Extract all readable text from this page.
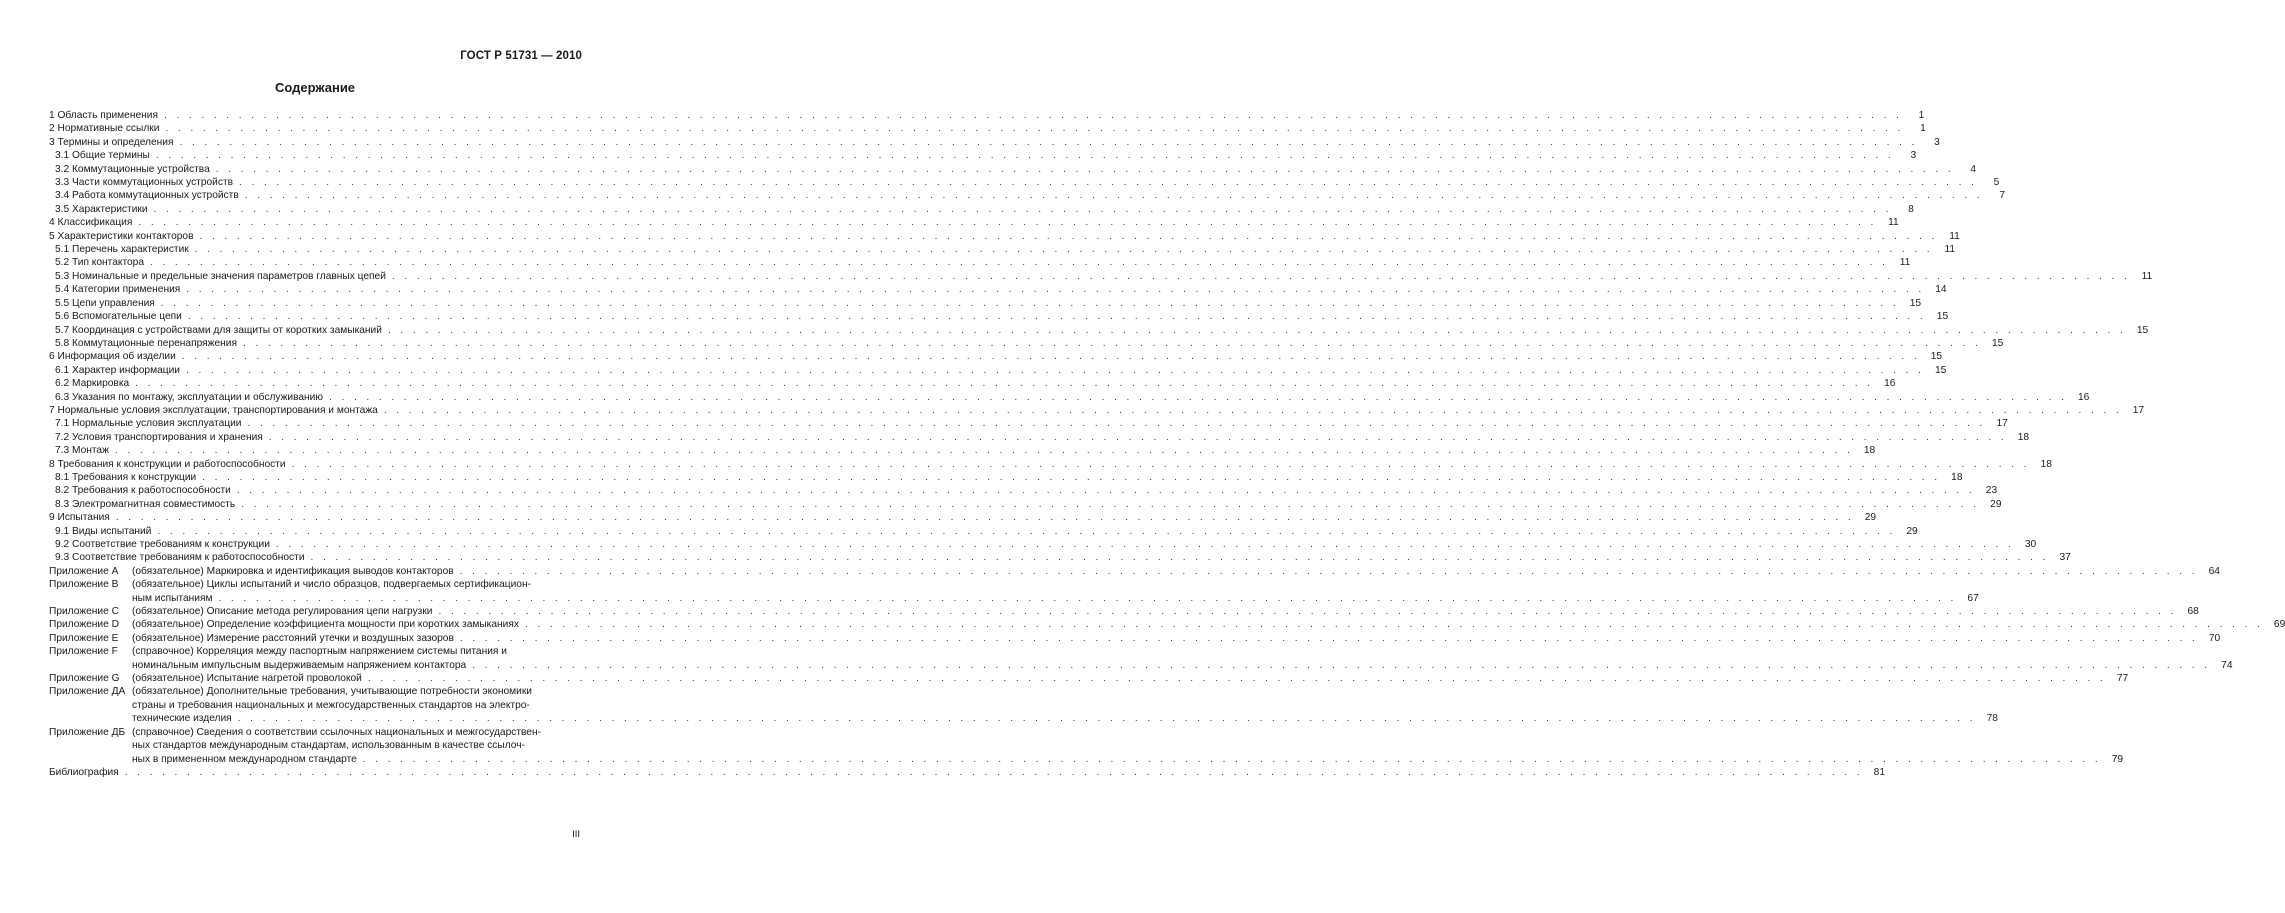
ГОСТ Р 51731 — 2010
Содержание
1 Область применения . . . . . . . . . . . . . . . . . . . . . . . . . . . . . . . . . . . . . . . . . . . . . . . . . . . . . . . . . . . . . . . . . . . . . . . . . . . . . . . . . . . . . . . . . . . . . . . . . . . . . . . . . . . . . . . . . . . . . . . . . . . . . . . . . . . . . . . . . . . .	1
2 Нормативные ссылки . . . . . . . . . . . . . . . . . . . . . . . . . . . . . . . . . . . . . . . . . . . . . . . . . . . . . . . . . . . . . . . . . . . . . . . . . . . . . . . . . . . . . . . . . . . . . . . . . . . . . . . . . . . . . . . . . . . . . . . . . . . . . . . . . . . . . . . . . . . .	1
3 Термины и определения . . . . . . . . . . . . . . . . . . . . . . . . . . . . . . . . . . . . . . . . . . . . . . . . . . . . . . . . . . . . . . . . . . . . . . . . . . . . . . . . . . . . . . . . . . . . . . . . . . . . . . . . . . . . . . . . . . . . . . . . . . . . . . . . . . . . . . . . . . . .	3
3.1 Общие термины . . . . . . . . . . . . . . . . . . . . . . . . . . . . . . . . . . . . . . . . . . . . . . . . . . . . . . . . . . . . . . . . . . . . . . . . . . . . . . . . . . . . . . . . . . . . . . . . . . . . . . . . . . . . . . . . . . . . . . . . . . . . . . . . . . . . . . . . . . . .	3
3.2 Коммутационные устройства . . . . . . . . . . . . . . . . . . . . . . . . . . . . . . . . . . . . . . . . . . . . . . . . . . . . . . . . . . . . . . . . . . . . . . . . . . . . . . . . . . . . . . . . . . . . . . . . . . . . . . . . . . . . . . . . . . . . . . . . . . . . . . . . . . . . . . . . . . . .	4
3.3 Части коммутационных устройств . . . . . . . . . . . . . . . . . . . . . . . . . . . . . . . . . . . . . . . . . . . . . . . . . . . . . . . . . . . . . . . . . . . . . . . . . . . . . . . . . . . . . . . . . . . . . . . . . . . . . . . . . . . . . . . . . . . . . . . . . . . . . . . . . . . . . . . . . . . .	5
3.4 Работа коммутационных устройств . . . . . . . . . . . . . . . . . . . . . . . . . . . . . . . . . . . . . . . . . . . . . . . . . . . . . . . . . . . . . . . . . . . . . . . . . . . . . . . . . . . . . . . . . . . . . . . . . . . . . . . . . . . . . . . . . . . . . . . . . . . . . . . . . . . . . . . . . . . .	7
3.5 Характеристики . . . . . . . . . . . . . . . . . . . . . . . . . . . . . . . . . . . . . . . . . . . . . . . . . . . . . . . . . . . . . . . . . . . . . . . . . . . . . . . . . . . . . . . . . . . . . . . . . . . . . . . . . . . . . . . . . . . . . . . . . . . . . . . . . . . . . . . . . . . .	8
4 Классификация . . . . . . . . . . . . . . . . . . . . . . . . . . . . . . . . . . . . . . . . . . . . . . . . . . . . . . . . . . . . . . . . . . . . . . . . . . . . . . . . . . . . . . . . . . . . . . . . . . . . . . . . . . . . . . . . . . . . . . . . . . . . . . . . . . . . . . . . . . . .	11
5 Характеристики контакторов . . . . . . . . . . . . . . . . . . . . . . . . . . . . . . . . . . . . . . . . . . . . . . . . . . . . . . . . . . . . . . . . . . . . . . . . . . . . . . . . . . . . . . . . . . . . . . . . . . . . . . . . . . . . . . . . . . . . . . . . . . . . . . . . . . . . . . . . . . . .	11
5.1 Перечень характеристик . . . . . . . . . . . . . . . . . . . . . . . . . . . . . . . . . . . . . . . . . . . . . . . . . . . . . . . . . . . . . . . . . . . . . . . . . . . . . . . . . . . . . . . . . . . . . . . . . . . . . . . . . . . . . . . . . . . . . . . . . . . . . . . . . . . . . . . . . . . .	11
5.2 Тип контактора . . . . . . . . . . . . . . . . . . . . . . . . . . . . . . . . . . . . . . . . . . . . . . . . . . . . . . . . . . . . . . . . . . . . . . . . . . . . . . . . . . . . . . . . . . . . . . . . . . . . . . . . . . . . . . . . . . . . . . . . . . . . . . . . . . . . . . . . . . . .	11
5.3 Номинальные и предельные значения параметров главных цепей . . . . . . . . . . . . . . . . . . . . . . . . . . . . . . . . . . . . . . . . . . . . . . . . . . . . . . . . . . . . . . . . . . . . . . . . . . . . . . . . . . . . . . . . . . . . . . . . . . . . . . . . . . . . . . . . . . . . . . . . . . . . . . . . . . . . . . . . . . . .	11
5.4 Категории применения . . . . . . . . . . . . . . . . . . . . . . . . . . . . . . . . . . . . . . . . . . . . . . . . . . . . . . . . . . . . . . . . . . . . . . . . . . . . . . . . . . . . . . . . . . . . . . . . . . . . . . . . . . . . . . . . . . . . . . . . . . . . . . . . . . . . . . . . . . . .	14
5.5 Цепи управления . . . . . . . . . . . . . . . . . . . . . . . . . . . . . . . . . . . . . . . . . . . . . . . . . . . . . . . . . . . . . . . . . . . . . . . . . . . . . . . . . . . . . . . . . . . . . . . . . . . . . . . . . . . . . . . . . . . . . . . . . . . . . . . . . . . . . . . . . . . .	15
5.6 Вспомогательные цепи . . . . . . . . . . . . . . . . . . . . . . . . . . . . . . . . . . . . . . . . . . . . . . . . . . . . . . . . . . . . . . . . . . . . . . . . . . . . . . . . . . . . . . . . . . . . . . . . . . . . . . . . . . . . . . . . . . . . . . . . . . . . . . . . . . . . . . . . . . . .	15
5.7 Координация с устройствами для защиты от коротких замыканий . . . . . . . . . . . . . . . . . . . . . . . . . . . . . . . . . . . . . . . . . . . . . . . . . . . . . . . . . . . . . . . . . . . . . . . . . . . . . . . . . . . . . . . . . . . . . . . . . . . . . . . . . . . . . . . . . . . . . . . . . . . . . . . . . . . . . . . . . . . .	15
5.8 Коммутационные перенапряжения . . . . . . . . . . . . . . . . . . . . . . . . . . . . . . . . . . . . . . . . . . . . . . . . . . . . . . . . . . . . . . . . . . . . . . . . . . . . . . . . . . . . . . . . . . . . . . . . . . . . . . . . . . . . . . . . . . . . . . . . . . . . . . . . . . . . . . . . . . . .	15
6 Информация об изделии . . . . . . . . . . . . . . . . . . . . . . . . . . . . . . . . . . . . . . . . . . . . . . . . . . . . . . . . . . . . . . . . . . . . . . . . . . . . . . . . . . . . . . . . . . . . . . . . . . . . . . . . . . . . . . . . . . . . . . . . . . . . . . . . . . . . . . . . . . . .	15
6.1 Характер информации . . . . . . . . . . . . . . . . . . . . . . . . . . . . . . . . . . . . . . . . . . . . . . . . . . . . . . . . . . . . . . . . . . . . . . . . . . . . . . . . . . . . . . . . . . . . . . . . . . . . . . . . . . . . . . . . . . . . . . . . . . . . . . . . . . . . . . . . . . . .	15
6.2 Маркировка . . . . . . . . . . . . . . . . . . . . . . . . . . . . . . . . . . . . . . . . . . . . . . . . . . . . . . . . . . . . . . . . . . . . . . . . . . . . . . . . . . . . . . . . . . . . . . . . . . . . . . . . . . . . . . . . . . . . . . . . . . . . . . . . . . . . . . . . . . . .	16
6.3 Указания по монтажу, эксплуатации и обслуживанию . . . . . . . . . . . . . . . . . . . . . . . . . . . . . . . . . . . . . . . . . . . . . . . . . . . . . . . . . . . . . . . . . . . . . . . . . . . . . . . . . . . . . . . . . . . . . . . . . . . . . . . . . . . . . . . . . . . . . . . . . . . . . . . . . . . . . . . . . . . .	16
7 Нормальные условия эксплуатации, транспортирования и монтажа . . . . . . . . . . . . . . . . . . . . . . . . . . . . . . . . . . . . . . . . . . . . . . . . . . . . . . . . . . . . . . . . . . . . . . . . . . . . . . . . . . . . . . . . . . . . . . . . . . . . . . . . . . . . . . . . . . . . . . . . . . . . . . . . . . . . . . . . . . . .	17
7.1 Нормальные условия эксплуатации . . . . . . . . . . . . . . . . . . . . . . . . . . . . . . . . . . . . . . . . . . . . . . . . . . . . . . . . . . . . . . . . . . . . . . . . . . . . . . . . . . . . . . . . . . . . . . . . . . . . . . . . . . . . . . . . . . . . . . . . . . . . . . . . . . . . . . . . . . . .	17
7.2 Условия транспортирования и хранения . . . . . . . . . . . . . . . . . . . . . . . . . . . . . . . . . . . . . . . . . . . . . . . . . . . . . . . . . . . . . . . . . . . . . . . . . . . . . . . . . . . . . . . . . . . . . . . . . . . . . . . . . . . . . . . . . . . . . . . . . . . . . . . . . . . . . . . . . . . .	18
7.3 Монтаж . . . . . . . . . . . . . . . . . . . . . . . . . . . . . . . . . . . . . . . . . . . . . . . . . . . . . . . . . . . . . . . . . . . . . . . . . . . . . . . . . . . . . . . . . . . . . . . . . . . . . . . . . . . . . . . . . . . . . . . . . . . . . . . . . . . . . . . . . . . .	18
8 Требования к конструкции и работоспособности . . . . . . . . . . . . . . . . . . . . . . . . . . . . . . . . . . . . . . . . . . . . . . . . . . . . . . . . . . . . . . . . . . . . . . . . . . . . . . . . . . . . . . . . . . . . . . . . . . . . . . . . . . . . . . . . . . . . . . . . . . . . . . . . . . . . . . . . . . . .	18
8.1 Требования к конструкции . . . . . . . . . . . . . . . . . . . . . . . . . . . . . . . . . . . . . . . . . . . . . . . . . . . . . . . . . . . . . . . . . . . . . . . . . . . . . . . . . . . . . . . . . . . . . . . . . . . . . . . . . . . . . . . . . . . . . . . . . . . . . . . . . . . . . . . . . . . .	18
8.2 Требования к работоспособности . . . . . . . . . . . . . . . . . . . . . . . . . . . . . . . . . . . . . . . . . . . . . . . . . . . . . . . . . . . . . . . . . . . . . . . . . . . . . . . . . . . . . . . . . . . . . . . . . . . . . . . . . . . . . . . . . . . . . . . . . . . . . . . . . . . . . . . . . . . .	23
8.3 Электромагнитная совместимость . . . . . . . . . . . . . . . . . . . . . . . . . . . . . . . . . . . . . . . . . . . . . . . . . . . . . . . . . . . . . . . . . . . . . . . . . . . . . . . . . . . . . . . . . . . . . . . . . . . . . . . . . . . . . . . . . . . . . . . . . . . . . . . . . . . . . . . . . . . .	29
9 Испытания . . . . . . . . . . . . . . . . . . . . . . . . . . . . . . . . . . . . . . . . . . . . . . . . . . . . . . . . . . . . . . . . . . . . . . . . . . . . . . . . . . . . . . . . . . . . . . . . . . . . . . . . . . . . . . . . . . . . . . . . . . . . . . . . . . . . . . . . . . . .	29
9.1 Виды испытаний . . . . . . . . . . . . . . . . . . . . . . . . . . . . . . . . . . . . . . . . . . . . . . . . . . . . . . . . . . . . . . . . . . . . . . . . . . . . . . . . . . . . . . . . . . . . . . . . . . . . . . . . . . . . . . . . . . . . . . . . . . . . . . . . . . . . . . . . . . . .	29
9.2 Соответствие требованиям к конструкции . . . . . . . . . . . . . . . . . . . . . . . . . . . . . . . . . . . . . . . . . . . . . . . . . . . . . . . . . . . . . . . . . . . . . . . . . . . . . . . . . . . . . . . . . . . . . . . . . . . . . . . . . . . . . . . . . . . . . . . . . . . . . . . . . . . . . . . . . . . .	30
9.3 Соответствие требованиям к работоспособности . . . . . . . . . . . . . . . . . . . . . . . . . . . . . . . . . . . . . . . . . . . . . . . . . . . . . . . . . . . . . . . . . . . . . . . . . . . . . . . . . . . . . . . . . . . . . . . . . . . . . . . . . . . . . . . . . . . . . . . . . . . . . . . . . . . . . . . . . . . .	37
Приложение А	(обязательное) Маркировка и идентификация выводов контакторов . . . . . . . . . . . . . . . . . . . . . . . . . . . . . . . . . . . . . . . . . . . . . . . . . . . . . . . . . . . . . . . . . . . . . . . . . . . . . . . . . . . . . . . . . . . . . . . . . . . . . . . . . . . . . . . . . . . . . . . . . . . . . . . . . . . . . . . . . . . .	64
Приложение В	(обязательное) Циклы испытаний и число образцов, подвергаемых сертификацион-
ным испытаниям . . . . . . . . . . . . . . . . . . . . . . . . . . . . . . . . . . . . . . . . . . . . . . . . . . . . . . . . . . . . . . . . . . . . . . . . . . . . . . . . . . . . . . . . . . . . . . . . . . . . . . . . . . . . . . . . . . . . . . . . . . . . . . . . . . . . . . . . . . . .	67
Приложение С	(обязательное) Описание метода регулирования цепи нагрузки . . . . . . . . . . . . . . . . . . . . . . . . . . . . . . . . . . . . . . . . . . . . . . . . . . . . . . . . . . . . . . . . . . . . . . . . . . . . . . . . . . . . . . . . . . . . . . . . . . . . . . . . . . . . . . . . . . . . . . . . . . . . . . . . . . . . . . . . . . . .	68
Приложение D	(обязательное) Определение коэффициента мощности при коротких замыканиях . . . . . . . . . . . . . . . . . . . . . . . . . . . . . . . . . . . . . . . . . . . . . . . . . . . . . . . . . . . . . . . . . . . . . . . . . . . . . . . . . . . . . . . . . . . . . . . . . . . . . . . . . . . . . . . . . . . . . . . . . . . . . . . . . . . . . . . . . . . .	69
Приложение Е	(обязательное) Измерение расстояний утечки и воздушных зазоров . . . . . . . . . . . . . . . . . . . . . . . . . . . . . . . . . . . . . . . . . . . . . . . . . . . . . . . . . . . . . . . . . . . . . . . . . . . . . . . . . . . . . . . . . . . . . . . . . . . . . . . . . . . . . . . . . . . . . . . . . . . . . . . . . . . . . . . . . . . .	70
Приложение F	(справочное) Корреляция между паспортным напряжением системы питания и
номинальным импульсным выдерживаемым напряжением контактора . . . . . . . . . . . . . . . . . . . . . . . . . . . . . . . . . . . . . . . . . . . . . . . . . . . . . . . . . . . . . . . . . . . . . . . . . . . . . . . . . . . . . . . . . . . . . . . . . . . . . . . . . . . . . . . . . . . . . . . . . . . . . . . . . . . . . . . . . . . .	74
Приложение G	(обязательное) Испытание нагретой проволокой . . . . . . . . . . . . . . . . . . . . . . . . . . . . . . . . . . . . . . . . . . . . . . . . . . . . . . . . . . . . . . . . . . . . . . . . . . . . . . . . . . . . . . . . . . . . . . . . . . . . . . . . . . . . . . . . . . . . . . . . . . . . . . . . . . . . . . . . . . . .	77
Приложение ДА (обязательное) Дополнительные требования, учитывающие потребности экономики
страны и требования национальных и межгосударственных стандартов на электро-
технические изделия . . . . . . . . . . . . . . . . . . . . . . . . . . . . . . . . . . . . . . . . . . . . . . . . . . . . . . . . . . . . . . . . . . . . . . . . . . . . . . . . . . . . . . . . . . . . . . . . . . . . . . . . . . . . . . . . . . . . . . . . . . . . . . . . . . . . . . . . . . . .	78
Приложение ДБ (справочное) Сведения о соответствии ссылочных национальных и межгосударствен-
ных стандартов международным стандартам, использованным в качестве ссылоч-
ных в примененном международном стандарте . . . . . . . . . . . . . . . . . . . . . . . . . . . . . . . . . . . . . . . . . . . . . . . . . . . . . . . . . . . . . . . . . . . . . . . . . . . . . . . . . . . . . . . . . . . . . . . . . . . . . . . . . . . . . . . . . . . . . . . . . . . . . . . . . . . . . . . . . . . .	79
Библиография . . . . . . . . . . . . . . . . . . . . . . . . . . . . . . . . . . . . . . . . . . . . . . . . . . . . . . . . . . . . . . . . . . . . . . . . . . . . . . . . . . . . . . . . . . . . . . . . . . . . . . . . . . . . . . . . . . . . . . . . . . . . . . . . . . . . . . . . . . . .	81
III
